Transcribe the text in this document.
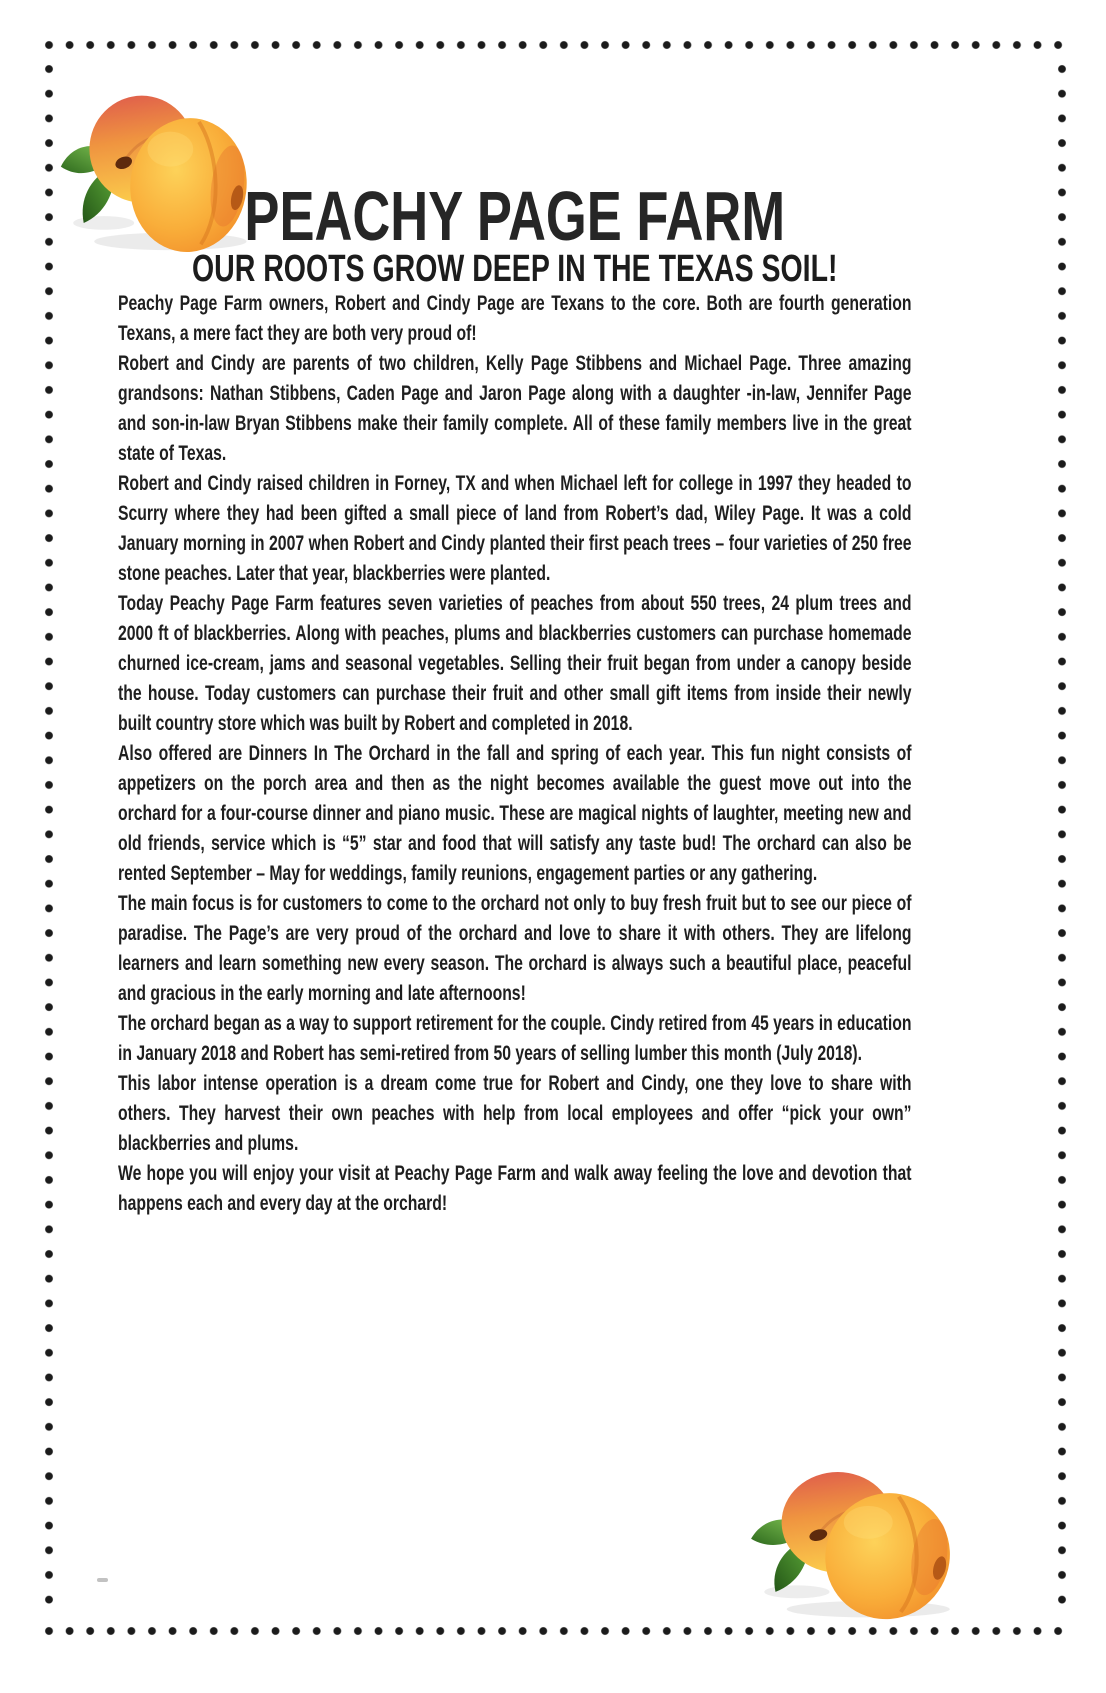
PEACHY PAGE FARM
OUR ROOTS GROW DEEP IN THE TEXAS SOIL!

Peachy Page Farm owners, Robert and Cindy Page are Texans to the core. Both are fourth generation Texans, a mere fact they are both very proud of!

Robert and Cindy are parents of two children, Kelly Page Stibbens and Michael Page. Three amazing grandsons: Nathan Stibbens, Caden Page and Jaron Page along with a daughter -in-law, Jennifer Page and son-in-law Bryan Stibbens make their family complete. All of these family members live in the great state of Texas.

Robert and Cindy raised children in Forney, TX and when Michael left for college in 1997 they headed to Scurry where they had been gifted a small piece of land from Robert’s dad, Wiley Page. It was a cold January morning in 2007 when Robert and Cindy planted their first peach trees – four varieties of 250 free stone peaches. Later that year, blackberries were planted.

Today Peachy Page Farm features seven varieties of peaches from about 550 trees, 24 plum trees and 2000 ft of blackberries. Along with peaches, plums and blackberries customers can purchase homemade churned ice-cream, jams and seasonal vegetables. Selling their fruit began from under a canopy beside the house. Today customers can purchase their fruit and other small gift items from inside their newly built country store which was built by Robert and completed in 2018.

Also offered are Dinners In The Orchard in the fall and spring of each year. This fun night consists of appetizers on the porch area and then as the night becomes available the guest move out into the orchard for a four-course dinner and piano music. These are magical nights of laughter, meeting new and old friends, service which is “5” star and food that will satisfy any taste bud! The orchard can also be rented September – May for weddings, family reunions, engagement parties or any gathering.

The main focus is for customers to come to the orchard not only to buy fresh fruit but to see our piece of paradise. The Page’s are very proud of the orchard and love to share it with others. They are lifelong learners and learn something new every season. The orchard is always such a beautiful place, peaceful and gracious in the early morning and late afternoons!

The orchard began as a way to support retirement for the couple. Cindy retired from 45 years in education in January 2018 and Robert has semi-retired from 50 years of selling lumber this month (July 2018).

This labor intense operation is a dream come true for Robert and Cindy, one they love to share with others. They harvest their own peaches with help from local employees and offer “pick your own” blackberries and plums.

We hope you will enjoy your visit at Peachy Page Farm and walk away feeling the love and devotion that happens each and every day at the orchard!
